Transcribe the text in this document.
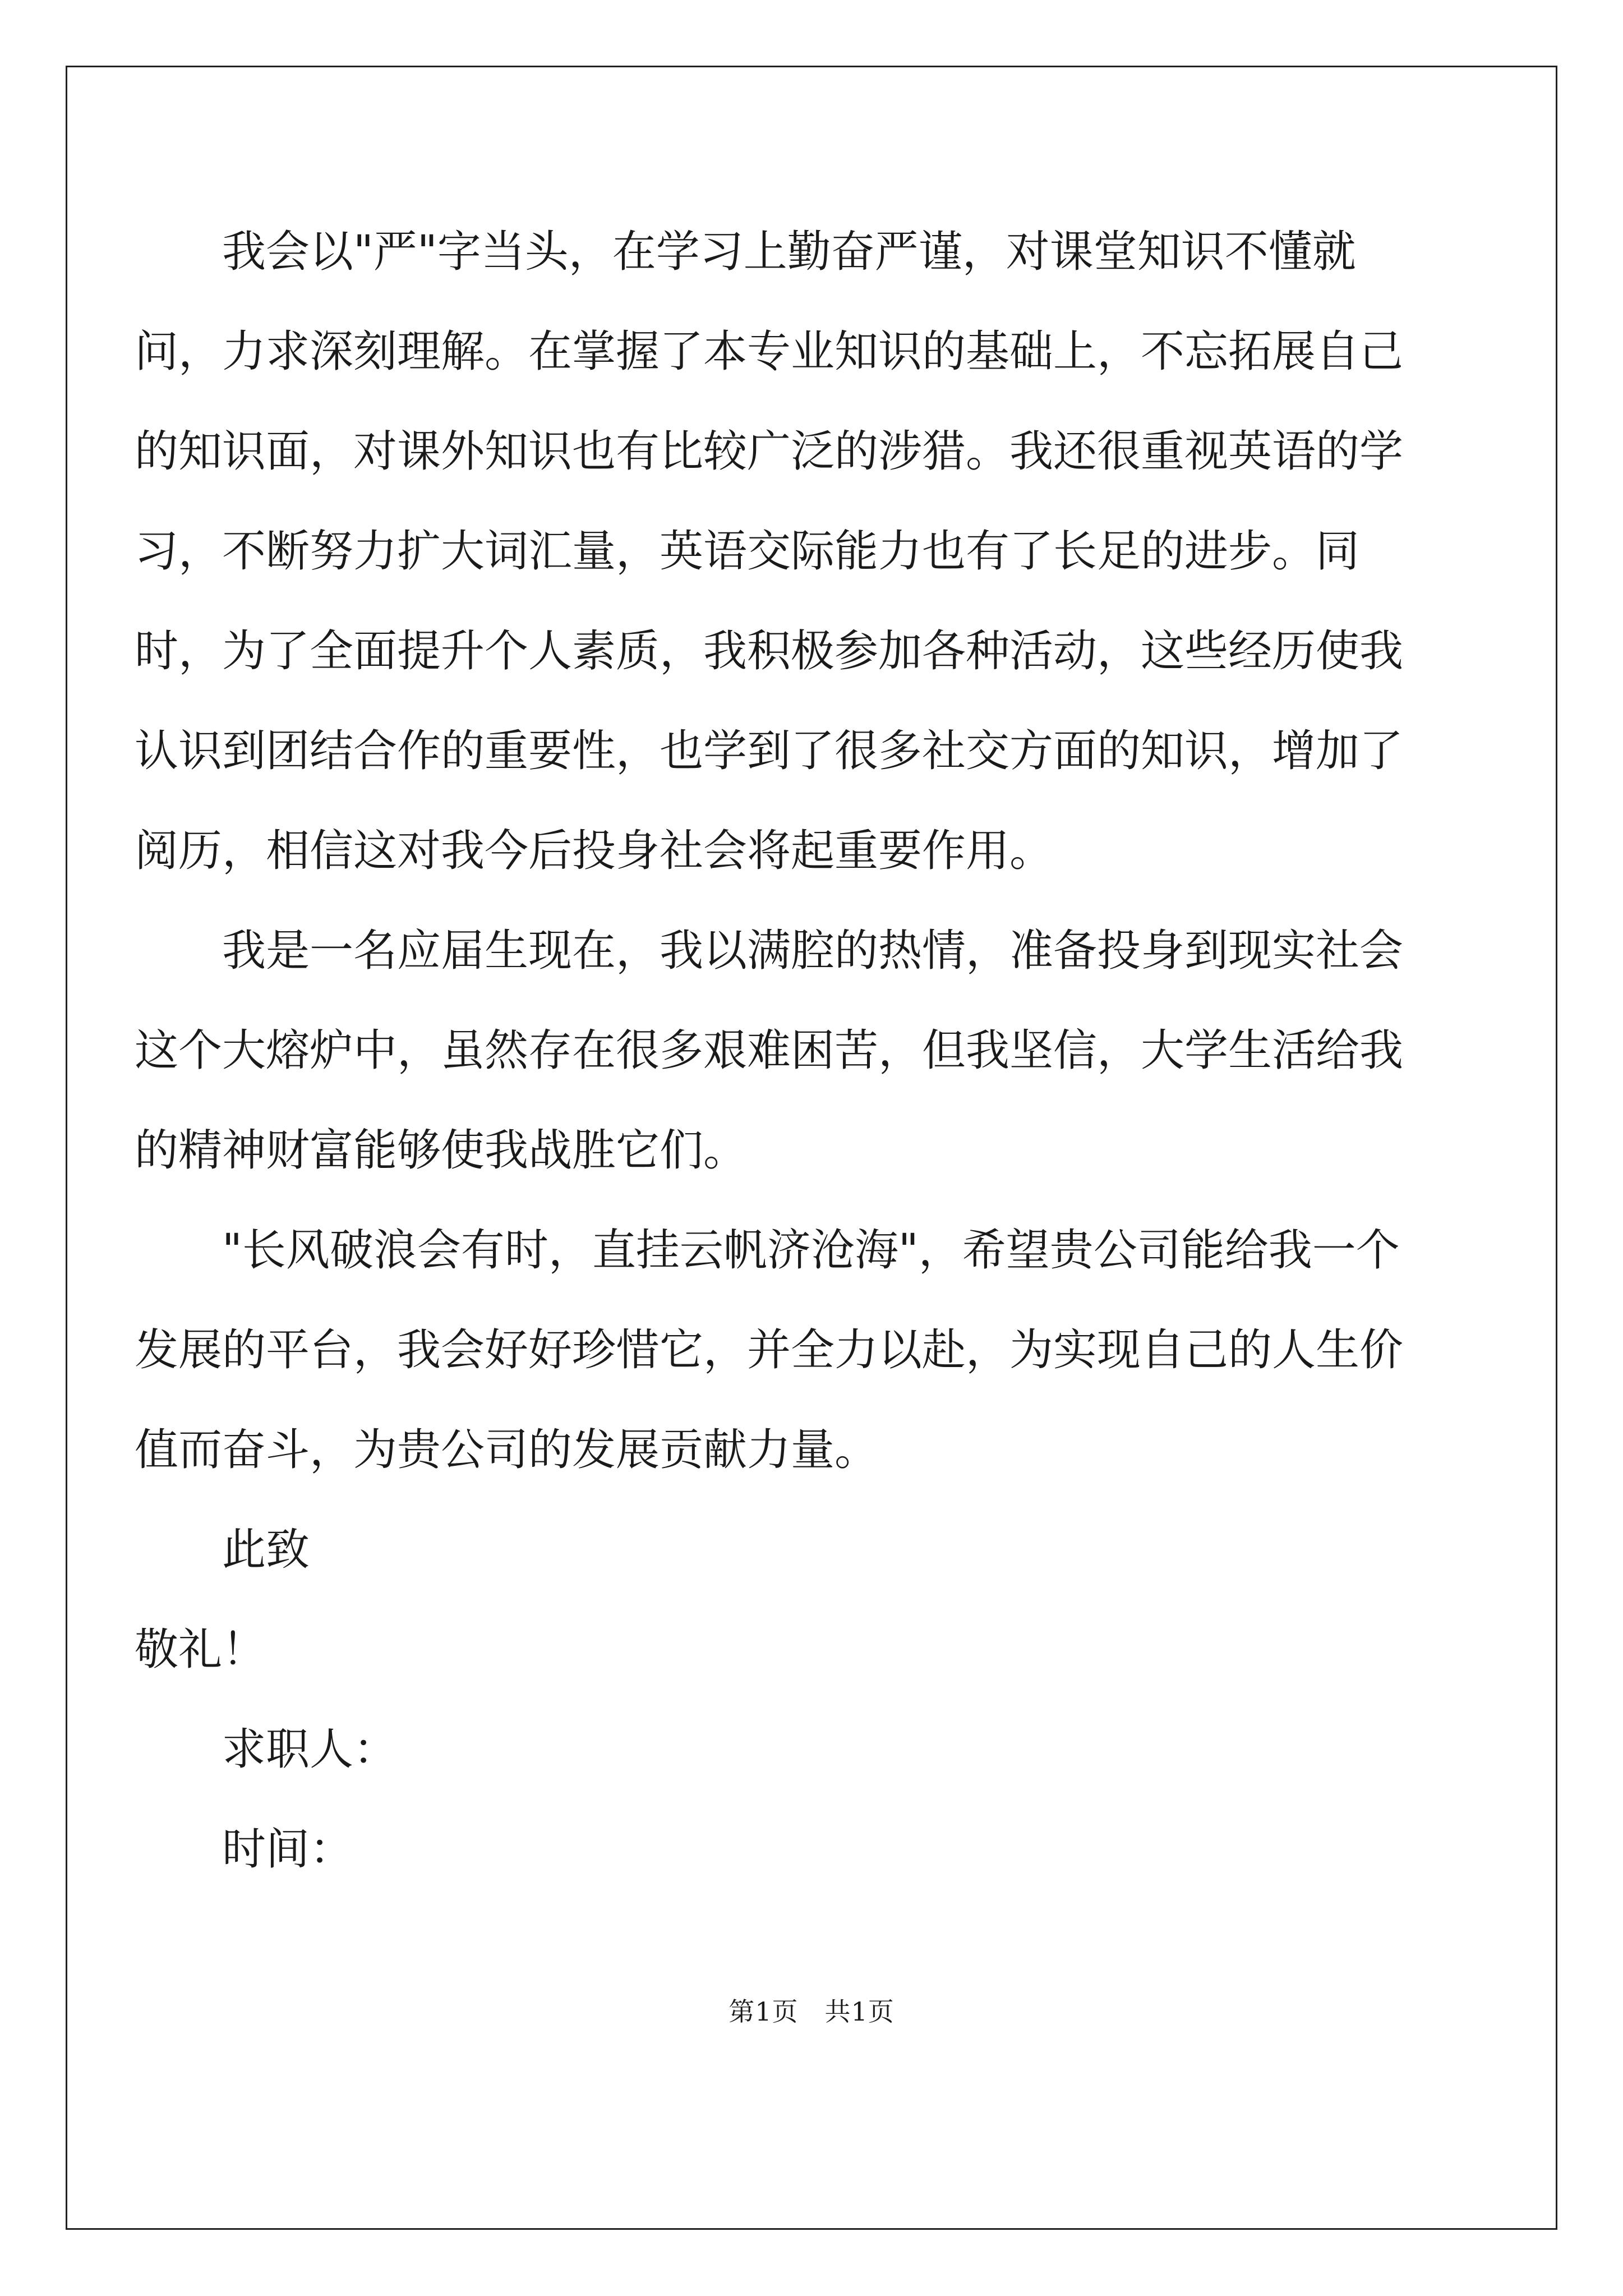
我会以"严"字当头，在学习上勤奋严谨，对课堂知识不懂就问，力求深刻理解。在掌握了本专业知识的基础上，不忘拓展自己的知识面，对课外知识也有比较广泛的涉猎。我还很重视英语的学习，不断努力扩大词汇量，英语交际能力也有了长足的进步。同时，为了全面提升个人素质，我积极参加各种活动，这些经历使我认识到团结合作的重要性，也学到了很多社交方面的知识，增加了阅历，相信这对我今后投身社会将起重要作用。

我是一名应届生现在，我以满腔的热情，准备投身到现实社会这个大熔炉中，虽然存在很多艰难困苦，但我坚信，大学生活给我的精神财富能够使我战胜它们。

"长风破浪会有时，直挂云帆济沧海"，希望贵公司能给我一个发展的平台，我会好好珍惜它，并全力以赴，为实现自己的人生价值而奋斗，为贵公司的发展贡献力量。

此致

敬礼！

求职人：

时间：

第1页　共1页
